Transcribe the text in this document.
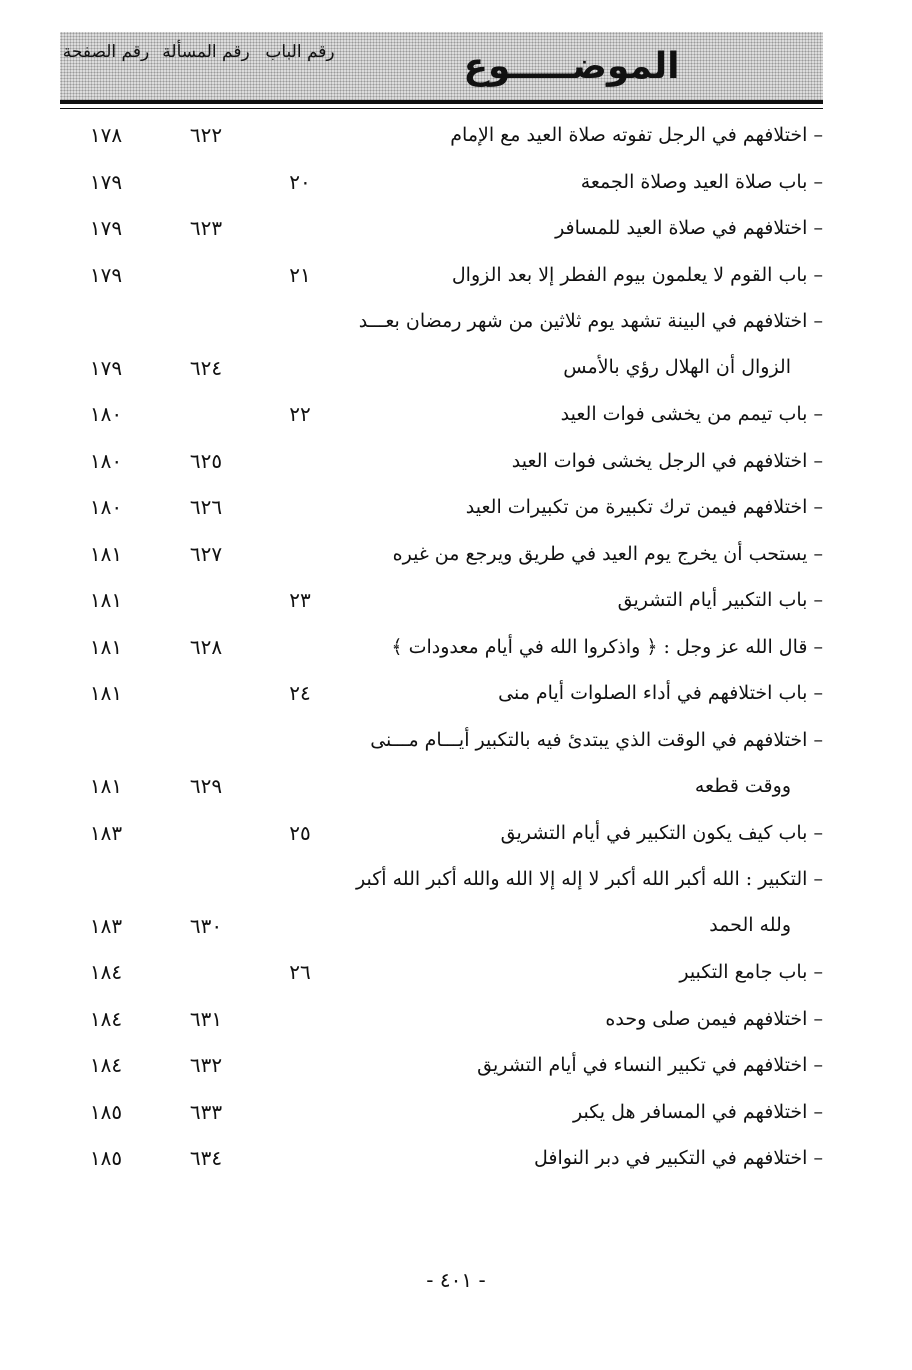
الموضـــــوع
رقم الباب
رقم المسألة
رقم الصفحة
– اختلافهم في الرجل تفوته صلاة العيد مع الإمام
٦٢٢
١٧٨
– باب صلاة العيد وصلاة الجمعة
٢٠
١٧٩
– اختلافهم في صلاة العيد للمسافر
٦٢٣
١٧٩
– باب القوم لا يعلمون بيوم الفطر إلا بعد الزوال
٢١
١٧٩
– اختلافهم في البينة تشهد يوم ثلاثين من شهر رمضان بعـــد
الزوال أن الهلال رؤي بالأمس
٦٢٤
١٧٩
– باب تيمم من يخشى فوات العيد
٢٢
١٨٠
– اختلافهم في الرجل يخشى فوات العيد
٦٢٥
١٨٠
– اختلافهم فيمن ترك تكبيرة من تكبيرات العيد
٦٢٦
١٨٠
– يستحب أن يخرج يوم العيد في طريق ويرجع من غيره
٦٢٧
١٨١
– باب التكبير أيام التشريق
٢٣
١٨١
– قال الله عز وجل : ﴿ واذكروا الله في أيام معدودات ﴾
٦٢٨
١٨١
– باب اختلافهم في أداء الصلوات أيام منى
٢٤
١٨١
– اختلافهم في الوقت الذي يبتدئ فيه بالتكبير أيـــام مـــنى
ووقت قطعه
٦٢٩
١٨١
– باب كيف يكون التكبير في أيام التشريق
٢٥
١٨٣
– التكبير : الله أكبر الله أكبر لا إله إلا الله والله أكبر الله أكبر
ولله الحمد
٦٣٠
١٨٣
– باب جامع التكبير
٢٦
١٨٤
– اختلافهم فيمن صلى وحده
٦٣١
١٨٤
– اختلافهم في تكبير النساء في أيام التشريق
٦٣٢
١٨٤
– اختلافهم في المسافر هل يكبر
٦٣٣
١٨٥
– اختلافهم في التكبير في دبر النوافل
٦٣٤
١٨٥
- ٤٠١ -
